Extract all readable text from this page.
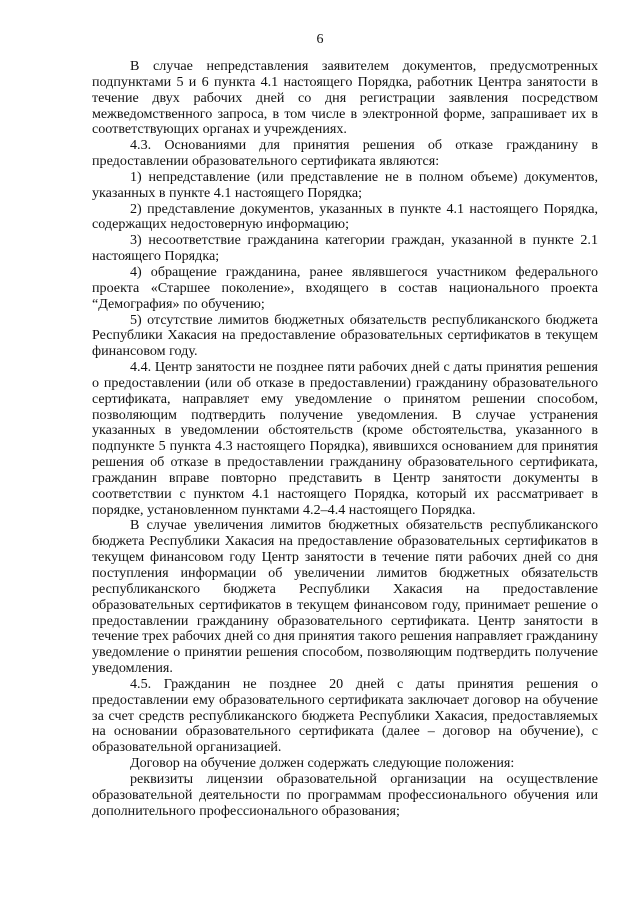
6

В случае непредставления заявителем документов, предусмотренных подпунктами 5 и 6 пункта 4.1 настоящего Порядка, работник Центра занятости в течение двух рабочих дней со дня регистрации заявления посредством межведомственного запроса, в том числе в электронной форме, запрашивает их в соответствующих органах и учреждениях.

4.3. Основаниями для принятия решения об отказе гражданину в предоставлении образовательного сертификата являются:

1) непредставление (или представление не в полном объеме) документов, указанных в пункте 4.1 настоящего Порядка;

2) представление документов, указанных в пункте 4.1 настоящего Порядка, содержащих недостоверную информацию;

3) несоответствие гражданина категории граждан, указанной в пункте 2.1 настоящего Порядка;

4) обращение гражданина, ранее являвшегося участником федерального проекта «Старшее поколение», входящего в состав национального проекта “Демография» по обучению;

5) отсутствие лимитов бюджетных обязательств республиканского бюджета Республики Хакасия на предоставление образовательных сертификатов в текущем финансовом году.

4.4. Центр занятости не позднее пяти рабочих дней с даты принятия решения о предоставлении (или об отказе в предоставлении) гражданину образовательного сертификата, направляет ему уведомление о принятом решении способом, позволяющим подтвердить получение уведомления. В случае устранения указанных в уведомлении обстоятельств (кроме обстоятельства, указанного в подпункте 5 пункта 4.3 настоящего Порядка), явившихся основанием для принятия решения об отказе в предоставлении гражданину образовательного сертификата, гражданин вправе повторно представить в Центр занятости документы в соответствии с пунктом 4.1 настоящего Порядка, который их рассматривает в порядке, установленном пунктами 4.2–4.4 настоящего Порядка.

В случае увеличения лимитов бюджетных обязательств республиканского бюджета Республики Хакасия на предоставление образовательных сертификатов в текущем финансовом году Центр занятости в течение пяти рабочих дней со дня поступления информации об увеличении лимитов бюджетных обязательств республиканского бюджета Республики Хакасия на предоставление образовательных сертификатов в текущем финансовом году, принимает решение о предоставлении гражданину образовательного сертификата. Центр занятости в течение трех рабочих дней со дня принятия такого решения направляет гражданину уведомление о принятии решения способом, позволяющим подтвердить получение уведомления.

4.5. Гражданин не позднее 20 дней с даты принятия решения о предоставлении ему образовательного сертификата заключает договор на обучение за счет средств республиканского бюджета Республики Хакасия, предоставляемых на основании образовательного сертификата (далее – договор на обучение), с образовательной организацией.

Договор на обучение должен содержать следующие положения:

реквизиты лицензии образовательной организации на осуществление образовательной деятельности по программам профессионального обучения или дополнительного профессионального образования;
